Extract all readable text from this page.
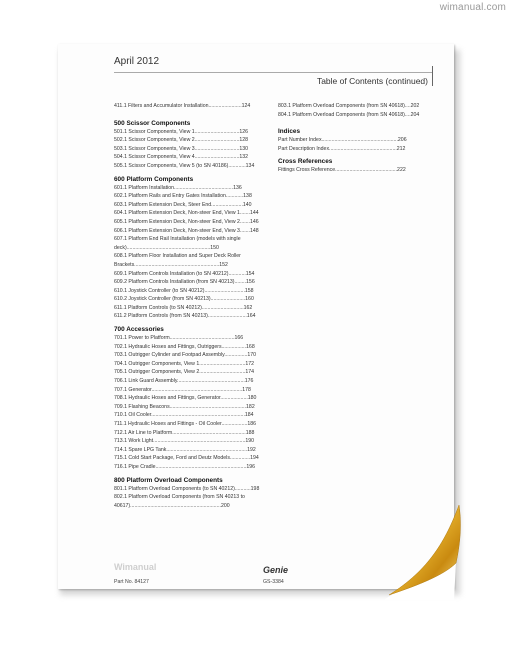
April 2012
Table of Contents (continued)
411.1 Filters and Accumulator Installation.......................124
500 Scissor Components
501.1 Scissor Components, View 1...............................126
502.1 Scissor Components, View 2...............................128
503.1 Scissor Components, View 3...............................130
504.1 Scissor Components, View 4...............................132
505.1 Scissor Components, View 5 (to SN 40186)............134
600 Platform Components
601.1 Platform Installation.........................................136
602.1 Platform Rails and Entry Gates Installation............138
603.1 Platform Extension Deck, Steer End......................140
604.1 Platform Extension Deck, Non-steer End, View 1.......144
605.1 Platform Extension Deck, Non-steer End, View 2.......146
606.1 Platform Extension Deck, Non-steer End, View 3.......148
607.1 Platform End Rail Installation (models with single deck)..........................................................150
608.1 Platform Floor Installation and Super Deck Roller Brackets...........................................................152
609.1 Platform Controls Installation (to SN 40212)............154
609.2 Platform Controls Installation (from SN 40213)........156
610.1 Joystick Controller (to SN 40212)............................158
610.2 Joystick Controller (from SN 40213)........................160
611.1 Platform Controls (to SN 40212).............................162
611.2 Platform Controls (from SN 40213)...........................164
700 Accessories
701.1 Power to Platform.............................................166
702.1 Hydraulic Hoses and Fittings, Outriggers.................168
703.1 Outrigger Cylinder and Footpad Assembly................170
704.1 Outrigger Components, View 1................................172
705.1 Outrigger Components, View 2................................174
706.1 Link Guard Assembly...............................................176
707.1 Generator...............................................................178
708.1 Hydraulic Hoses and Fittings, Generator...................180
709.1 Flashing Beacons.....................................................182
710.1 Oil Cooler.................................................................184
711.1 Hydraulic Hoses and Fittings - Oil Cooler..................186
712.1 Air Line to Platform...................................................188
713.1 Work Light................................................................190
714.1 Spare LPG Tank........................................................192
715.1 Cold Start Package, Ford and Deutz Models..............194
716.1 Pipe Cradle...............................................................196
800 Platform Overload Components
801.1 Platform Overload Components (to SN 40212)...........198
802.1 Platform Overload Components (from SN 40213 to 40617)...............................................................200
803.1 Platform Overload Components (from SN 40618)....202
804.1 Platform Overload Components (from SN 40618)....204
Indices
Part Number Index.....................................................206
Part Description Index...............................................212
Cross References
Fittings Cross Reference...........................................222
Wimanual	Genie
Part No. 84127	GS-3384
wimanual.com
